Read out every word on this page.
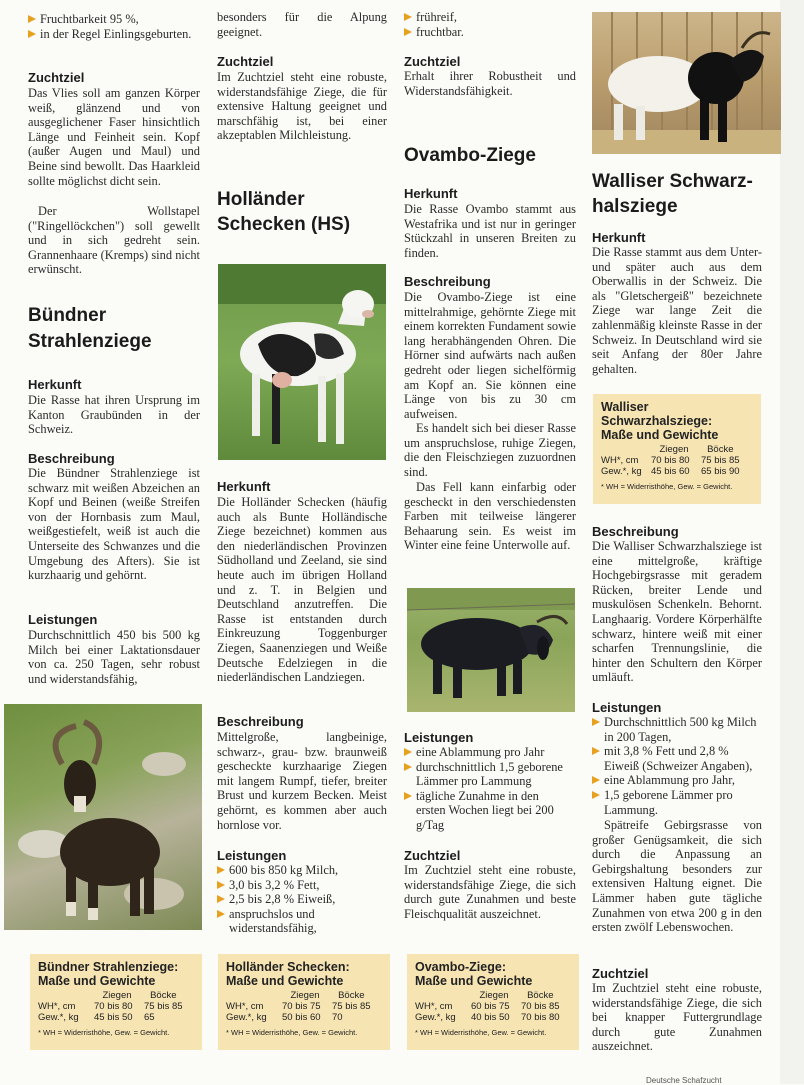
Fruchtbarkeit 95 %,
in der Regel Einlingsgeburten.

Zuchtziel

Das Vlies soll am ganzen Körper weiß, glänzend und von ausgeglichener Faser hinsichtlich Länge und Feinheit sein. Kopf (außer Augen und Maul) und Beine sind bewollt. Das Haarkleid sollte möglichst dicht sein.

Der Wollstapel ("Ringellöckchen") soll gewellt und in sich gedreht sein. Grannenhaare (Kremps) sind nicht erwünscht.

Bündner

Strahlenziege

Herkunft

Die Rasse hat ihren Ursprung im Kanton Graubünden in der Schweiz.

Beschreibung

Die Bündner Strahlenziege ist schwarz mit weißen Abzeichen an Kopf und Beinen (weiße Streifen von der Hornbasis zum Maul, weißgestiefelt, weiß ist auch die Unterseite des Schwanzes und die Umgebung des Afters). Sie ist kurzhaarig und gehörnt.

Leistungen

Durchschnittlich 450 bis 500 kg Milch bei einer Laktationsdauer von ca. 250 Tagen, sehr robust und widerstandsfähig,

Bündner Strahlenziege:

Maße und Gewichte

	Ziegen	Böcke
WH*, cm	70 bis 80	75 bis 85
Gew.*, kg	45 bis 50	65
* WH = Widerristhöhe, Gew. = Gewicht.

besonders für die Alpung geeignet.

Zuchtziel

Im Zuchtziel steht eine robuste, widerstandsfähige Ziege, die für extensive Haltung geeignet und marschfähig ist, bei einer akzeptablen Milchleistung.

Holländer

Schecken (HS)

Herkunft

Die Holländer Schecken (häufig auch als Bunte Holländische Ziege bezeichnet) kommen aus den niederländischen Provinzen Südholland und Zeeland, sie sind heute auch im übrigen Holland und z. T. in Belgien und Deutschland anzutreffen. Die Rasse ist entstanden durch Einkreuzung Toggenburger Ziegen, Saanenziegen und Weiße Deutsche Edelziegen in die niederländischen Landziegen.

Beschreibung

Mittelgroße, langbeinige, schwarz-, grau- bzw. braunweiß gescheckte kurzhaarige Ziegen mit langem Rumpf, tiefer, breiter Brust und kurzem Becken. Meist gehörnt, es kommen aber auch hornlose vor.

Leistungen

600 bis 850 kg Milch,
3,0 bis 3,2 % Fett,
2,5 bis 2,8 % Eiweiß,
anspruchslos und widerstandsfähig,

Holländer Schecken:

Maße und Gewichte

	Ziegen	Böcke
WH*, cm	70 bis 75	75 bis 85
Gew.*, kg	50 bis 60	70
* WH = Widerristhöhe, Gew. = Gewicht.
frühreif,
fruchtbar.

Zuchtziel

Erhalt ihrer Robustheit und Widerstandsfähigkeit.

Ovambo-Ziege

Herkunft

Die Rasse Ovambo stammt aus Westafrika und ist nur in geringer Stückzahl in unseren Breiten zu finden.

Beschreibung

Die Ovambo-Ziege ist eine mittelrahmige, gehörnte Ziege mit einem korrekten Fundament sowie lang herabhängenden Ohren. Die Hörner sind aufwärts nach außen gedreht oder liegen sichelförmig am Kopf an. Sie können eine Länge von bis zu 30 cm aufweisen.

Es handelt sich bei dieser Rasse um anspruchslose, ruhige Ziegen, die den Fleischziegen zuzuordnen sind.

Das Fell kann einfarbig oder gescheckt in den verschiedensten Farben mit teilweise längerer Behaarung sein. Es weist im Winter eine feine Unterwolle auf.

Leistungen

eine Ablammung pro Jahr
durchschnittlich 1,5 geborene Lämmer pro Lammung
tägliche Zunahme in den ersten Wochen liegt bei 200 g/Tag

Zuchtziel

Im Zuchtziel steht eine robuste, widerstandsfähige Ziege, die sich durch gute Zunahmen und beste Fleischqualität auszeichnet.

Ovambo-Ziege:

Maße und Gewichte

	Ziegen	Böcke
WH*, cm	60 bis 75	70 bis 85
Gew.*, kg	40 bis 50	70 bis 80
* WH = Widerristhöhe, Gew. = Gewicht.

Walliser Schwarz-

halsziege

Herkunft

Die Rasse stammt aus dem Unter- und später auch aus dem Oberwallis in der Schweiz. Die als "Gletschergeiß" bezeichnete Ziege war lange Zeit die zahlenmäßig kleinste Rasse in der Schweiz. In Deutschland wird sie seit Anfang der 80er Jahre gehalten.

Beschreibung

Die Walliser Schwarzhalsziege ist eine mittelgroße, kräftige Hochgebirgsrasse mit geradem Rücken, breiter Lende und muskulösen Schenkeln. Behornt. Langhaarig. Vordere Körperhälfte schwarz, hintere weiß mit einer scharfen Trennungslinie, die hinter den Schultern den Körper umläuft.

Leistungen

Durchschnittlich 500 kg Milch in 200 Tagen,
mit 3,8 % Fett und 2,8 % Eiweiß (Schweizer Angaben),
eine Ablammung pro Jahr,
1,5 geborene Lämmer pro Lammung.

Spätreife Gebirgsrasse von großer Genügsamkeit, die sich durch die Anpassung an Gebirgshaltung besonders zur extensiven Haltung eignet. Die Lämmer haben gute tägliche Zunahmen von etwa 200 g in den ersten zwölf Lebenswochen.

Zuchtziel

Im Zuchtziel steht eine robuste, widerstandsfähige Ziege, die sich bei knapper Futtergrundlage durch gute Zunahmen auszeichnet.

Walliser

Schwarzhalsziege:

Maße und Gewichte

	Ziegen	Böcke
WH*, cm	70 bis 80	75 bis 85
Gew.*, kg	45 bis 60	65 bis 90
* WH = Widerristhöhe, Gew. = Gewicht.
Deutsche Schafzucht
